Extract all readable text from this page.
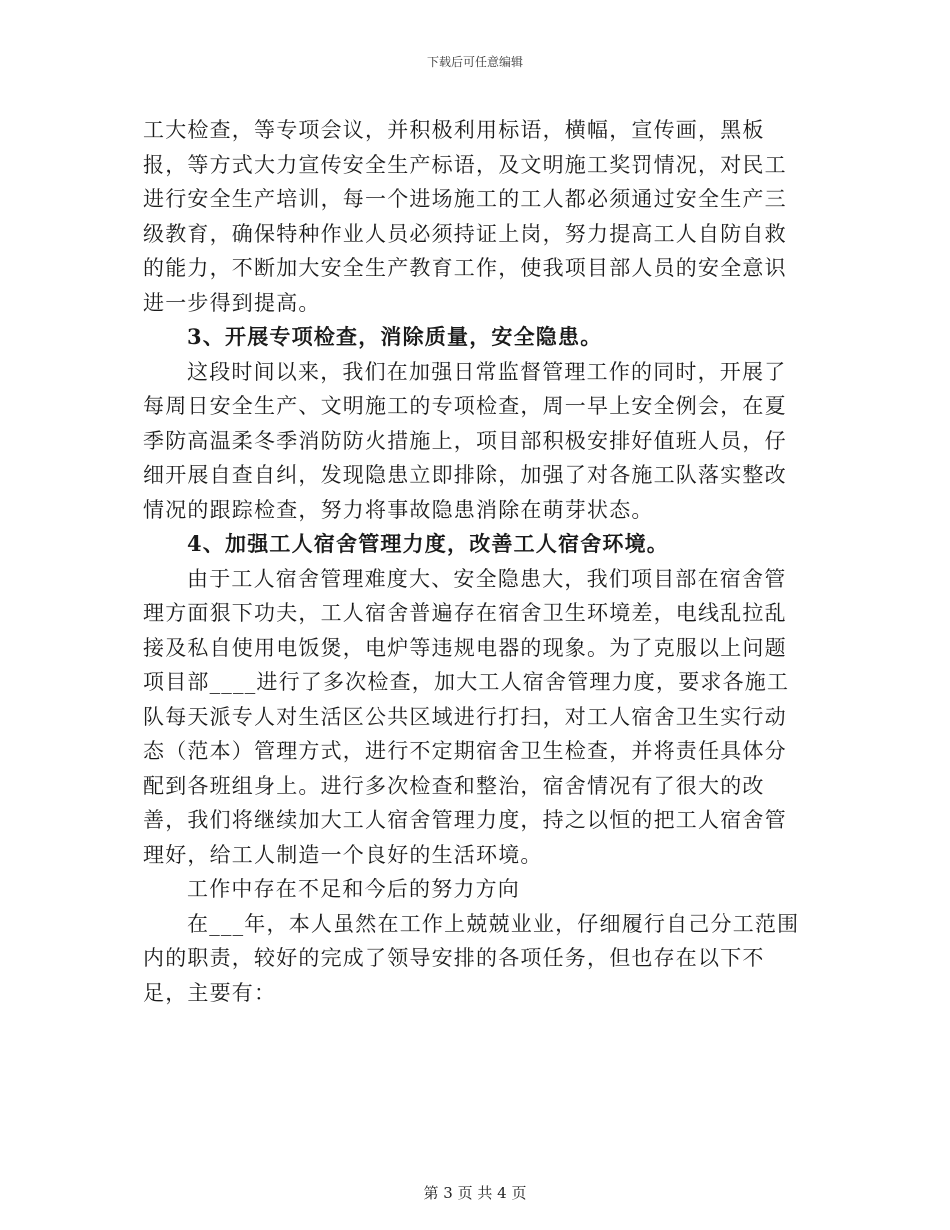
下载后可任意编辑

工大检查，等专项会议，并积极利用标语，横幅，宣传画，黑板报，等方式大力宣传安全生产标语，及文明施工奖罚情况，对民工进行安全生产培训，每一个进场施工的工人都必须通过安全生产三级教育，确保特种作业人员必须持证上岗，努力提高工人自防自救的能力，不断加大安全生产教育工作，使我项目部人员的安全意识进一步得到提高。

3、开展专项检查，消除质量，安全隐患。

这段时间以来，我们在加强日常监督管理工作的同时，开展了每周日安全生产、文明施工的专项检查，周一早上安全例会，在夏季防高温柔冬季消防防火措施上，项目部积极安排好值班人员，仔细开展自查自纠，发现隐患立即排除，加强了对各施工队落实整改情况的跟踪检查，努力将事故隐患消除在萌芽状态。

4、加强工人宿舍管理力度，改善工人宿舍环境。

由于工人宿舍管理难度大、安全隐患大，我们项目部在宿舍管理方面狠下功夫，工人宿舍普遍存在宿舍卫生环境差，电线乱拉乱接及私自使用电饭煲，电炉等违规电器的现象。为了克服以上问题项目部____进行了多次检查，加大工人宿舍管理力度，要求各施工队每天派专人对生活区公共区域进行打扫，对工人宿舍卫生实行动态（范本）管理方式，进行不定期宿舍卫生检查，并将责任具体分配到各班组身上。进行多次检查和整治，宿舍情况有了很大的改善，我们将继续加大工人宿舍管理力度，持之以恒的把工人宿舍管理好，给工人制造一个良好的生活环境。

工作中存在不足和今后的努力方向

在___年，本人虽然在工作上兢兢业业，仔细履行自己分工范围内的职责，较好的完成了领导安排的各项任务，但也存在以下不足，主要有：

第 3 页 共 4 页
